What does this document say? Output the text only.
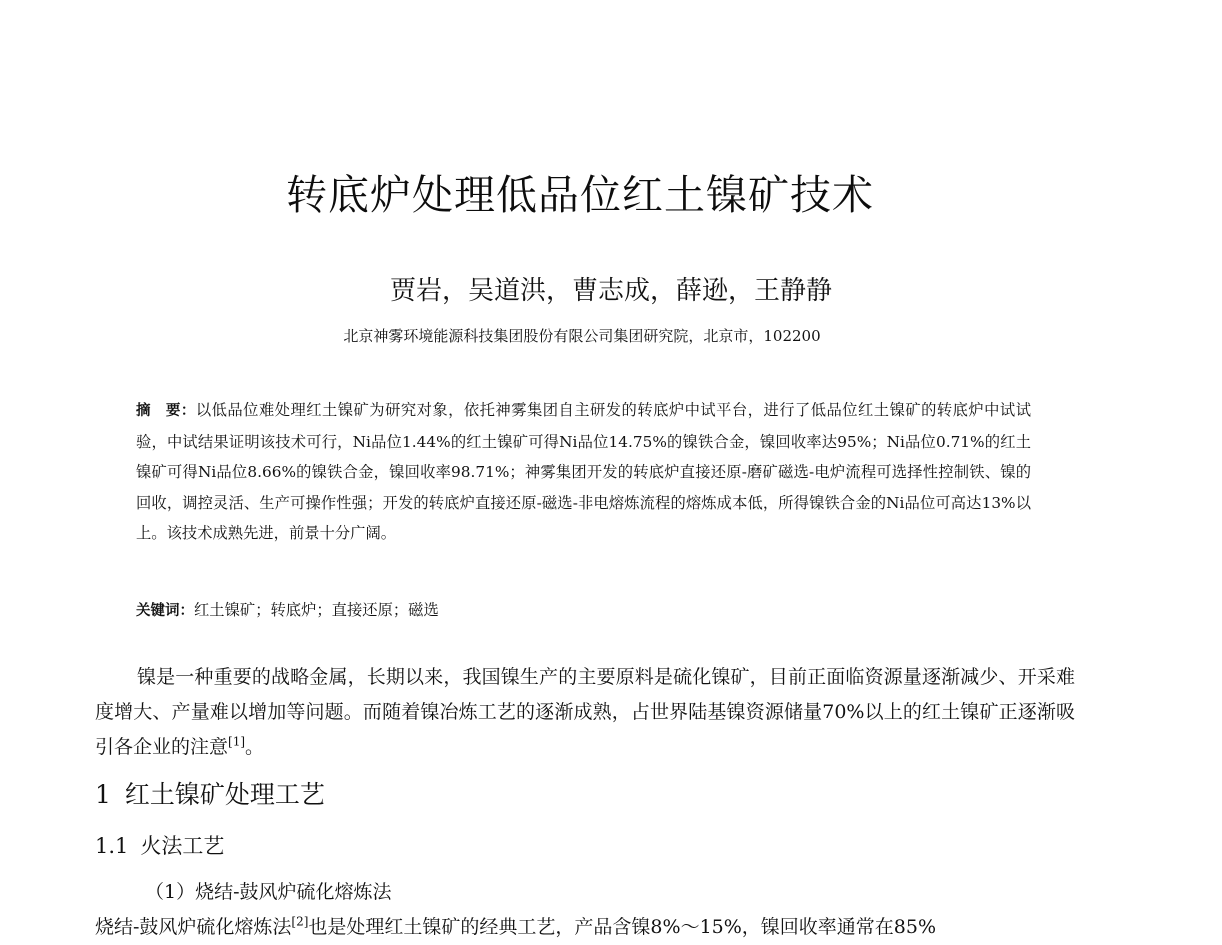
转底炉处理低品位红土镍矿技术
贾岩，吴道洪，曹志成，薛逊，王静静
北京神雾环境能源科技集团股份有限公司集团研究院，北京市，102200
摘　要：以低品位难处理红土镍矿为研究对象，依托神雾集团自主研发的转底炉中试平台，进行了低品位红土镍矿的转底炉中试试验，中试结果证明该技术可行，Ni品位1.44%的红土镍矿可得Ni品位14.75%的镍铁合金，镍回收率达95%；Ni品位0.71%的红土镍矿可得Ni品位8.66%的镍铁合金，镍回收率98.71%；神雾集团开发的转底炉直接还原-磨矿磁选-电炉流程可选择性控制铁、镍的回收，调控灵活、生产可操作性强；开发的转底炉直接还原-磁选-非电熔炼流程的熔炼成本低，所得镍铁合金的Ni品位可高达13%以上。该技术成熟先进，前景十分广阔。
关键词：红土镍矿；转底炉；直接还原；磁选
镍是一种重要的战略金属，长期以来，我国镍生产的主要原料是硫化镍矿，目前正面临资源量逐渐减少、开采难度增大、产量难以增加等问题。而随着镍冶炼工艺的逐渐成熟，占世界陆基镍资源储量70%以上的红土镍矿正逐渐吸引各企业的注意[1]。
1 红土镍矿处理工艺
1.1 火法工艺
（1）烧结-鼓风炉硫化熔炼法
烧结-鼓风炉硫化熔炼法[2]也是处理红土镍矿的经典工艺，产品含镍8%～15%，镍回收率通常在85%
